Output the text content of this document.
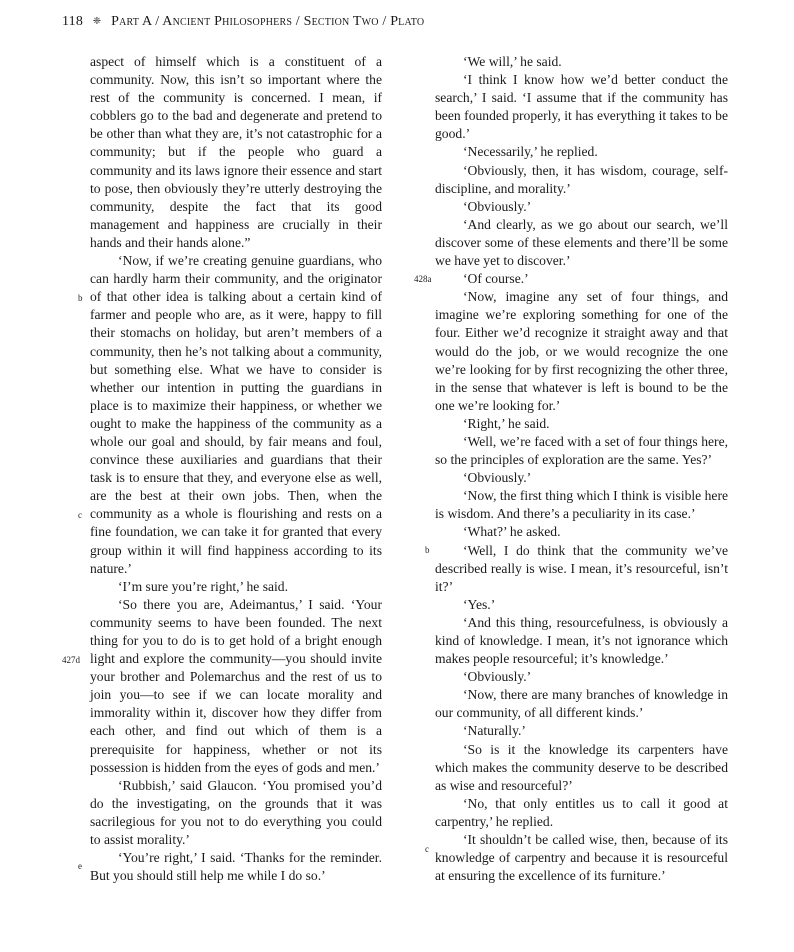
118 ❈ Part A / Ancient Philosophers / Section Two / Plato

aspect of himself which is a constituent of a community. Now, this isn’t so important where the rest of the community is concerned. I mean, if cobblers go to the bad and degenerate and pretend to be other than what they are, it’s not catastrophic for a community; but if the people who guard a community and its laws ignore their essence and start to pose, then obviously they’re utterly destroying the community, despite the fact that its good management and happiness are crucially in their hands and their hands alone.”

‘Now, if we’re creating genuine guardians, who can hardly harm their community, and the originator of that other idea is talking about a certain kind of farmer and people who are, as it were, happy to fill their stomachs on holiday, but aren’t members of a community, then he’s not talking about a community, but something else. What we have to consider is whether our intention in putting the guardians in place is to maximize their happiness, or whether we ought to make the happiness of the community as a whole our goal and should, by fair means and foul, convince these auxiliaries and guardians that their task is to ensure that they, and everyone else as well, are the best at their own jobs. Then, when the community as a whole is flourishing and rests on a fine foundation, we can take it for granted that every group within it will find happiness according to its nature.’

‘I’m sure you’re right,’ he said.

‘So there you are, Adeimantus,’ I said. ‘Your community seems to have been founded. The next thing for you to do is to get hold of a bright enough light and explore the community—you should invite your brother and Polemarchus and the rest of us to join you—to see if we can locate morality and immorality within it, discover how they differ from each other, and find out which of them is a prerequisite for happiness, whether or not its possession is hidden from the eyes of gods and men.’

‘Rubbish,’ said Glaucon. ‘You promised you’d do the investigating, on the grounds that it was sacrilegious for you not to do everything you could to assist morality.’

‘You’re right,’ I said. ‘Thanks for the reminder. But you should still help me while I do so.’

‘We will,’ he said.

‘I think I know how we’d better conduct the search,’ I said. ‘I assume that if the community has been founded properly, it has everything it takes to be good.’

‘Necessarily,’ he replied.

‘Obviously, then, it has wisdom, courage, self-discipline, and morality.’

‘Obviously.’

‘And clearly, as we go about our search, we’ll discover some of these elements and there’ll be some we have yet to discover.’

‘Of course.’

‘Now, imagine any set of four things, and imagine we’re exploring something for one of the four. Either we’d recognize it straight away and that would do the job, or we would recognize the one we’re looking for by first recognizing the other three, in the sense that whatever is left is bound to be the one we’re looking for.’

‘Right,’ he said.

‘Well, we’re faced with a set of four things here, so the principles of exploration are the same. Yes?’

‘Obviously.’

‘Now, the first thing which I think is visible here is wisdom. And there’s a peculiarity in its case.’

‘What?’ he asked.

‘Well, I do think that the community we’ve described really is wise. I mean, it’s resourceful, isn’t it?’

‘Yes.’

‘And this thing, resourcefulness, is obviously a kind of knowledge. I mean, it’s not ignorance which makes people resourceful; it’s knowledge.’

‘Obviously.’

‘Now, there are many branches of knowledge in our community, of all different kinds.’

‘Naturally.’

‘So is it the knowledge its carpenters have which makes the community deserve to be described as wise and resourceful?’

‘No, that only entitles us to call it good at carpentry,’ he replied.

‘It shouldn’t be called wise, then, because of its knowledge of carpentry and because it is resourceful at ensuring the excellence of its furniture.’

b
c
427d
e
428a
b
c
